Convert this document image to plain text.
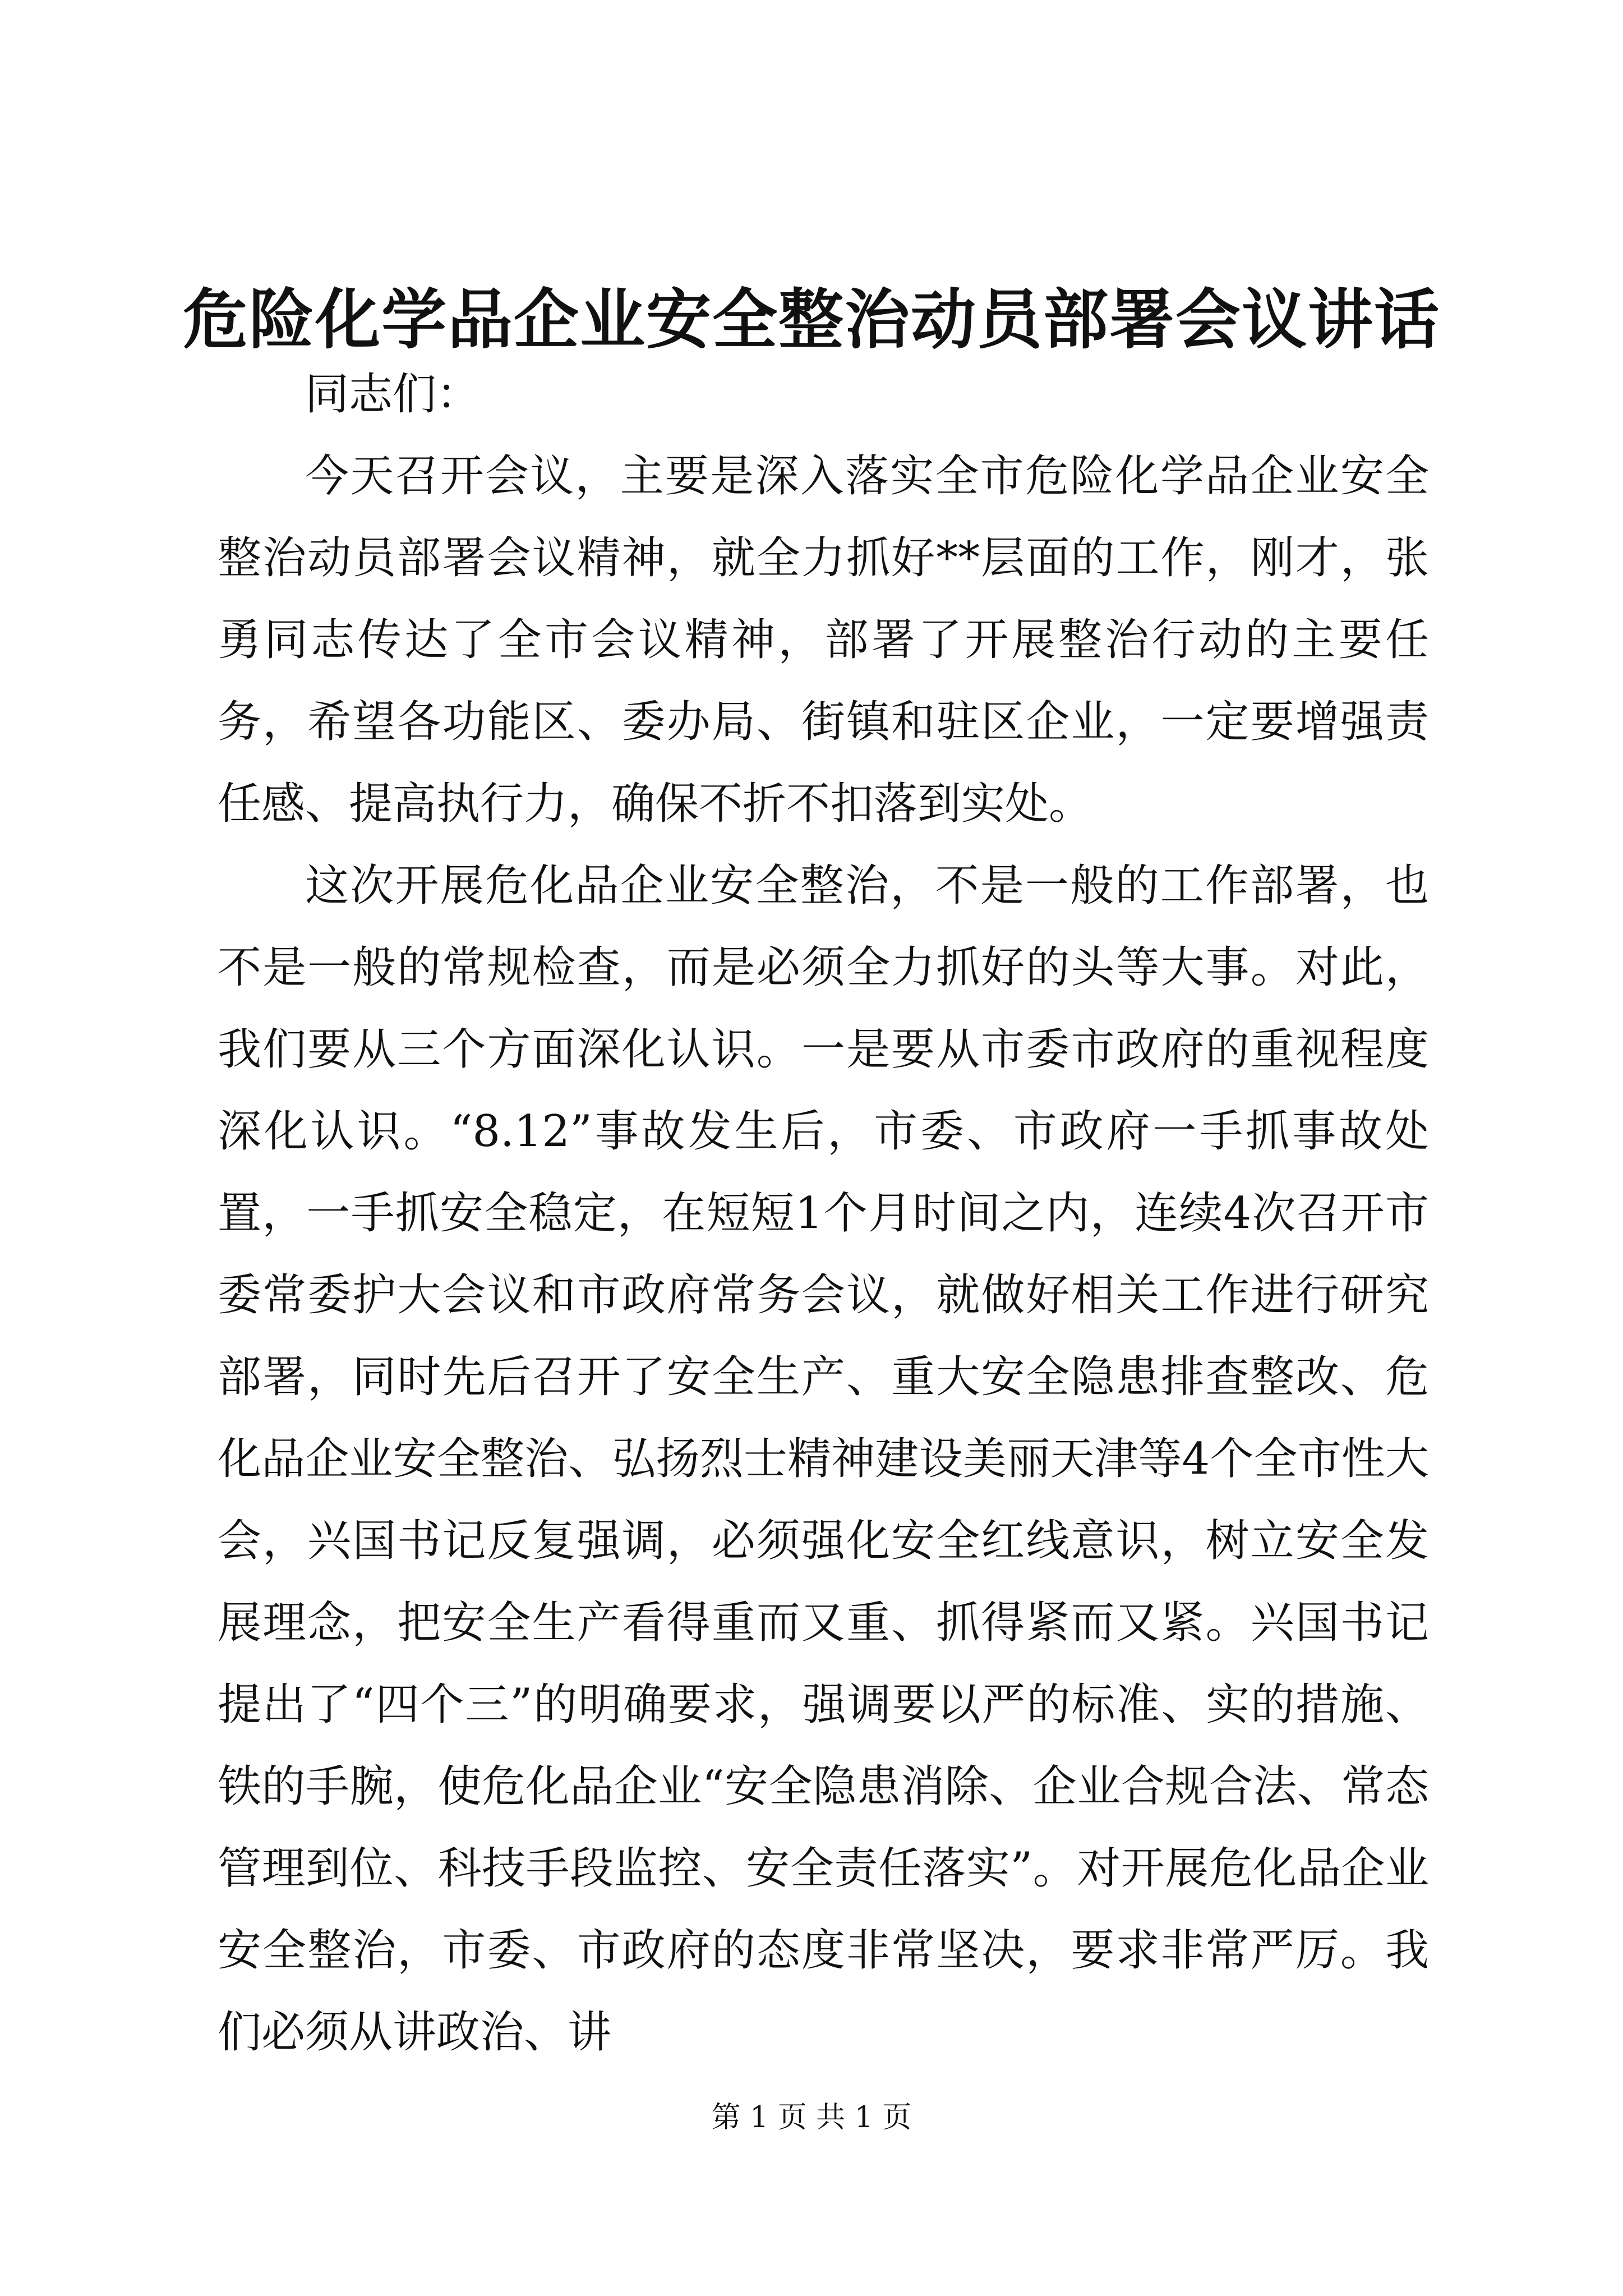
危险化学品企业安全整治动员部署会议讲话

同志们：

今天召开会议，主要是深入落实全市危险化学品企业安全整治动员部署会议精神，就全力抓好**层面的工作，刚才，张勇同志传达了全市会议精神，部署了开展整治行动的主要任务，希望各功能区、委办局、街镇和驻区企业，一定要增强责任感、提高执行力，确保不折不扣落到实处。

这次开展危化品企业安全整治，不是一般的工作部署，也不是一般的常规检查，而是必须全力抓好的头等大事。对此，我们要从三个方面深化认识。一是要从市委市政府的重视程度深化认识。“8.12”事故发生后，市委、市政府一手抓事故处置，一手抓安全稳定，在短短1个月时间之内，连续4次召开市委常委护大会议和市政府常务会议，就做好相关工作进行研究部署，同时先后召开了安全生产、重大安全隐患排查整改、危化品企业安全整治、弘扬烈士精神建设美丽天津等4个全市性大会，兴国书记反复强调，必须强化安全红线意识，树立安全发展理念，把安全生产看得重而又重、抓得紧而又紧。兴国书记提出了“四个三”的明确要求，强调要以严的标准、实的措施、铁的手腕，使危化品企业“安全隐患消除、企业合规合法、常态管理到位、科技手段监控、安全责任落实”。对开展危化品企业安全整治，市委、市政府的态度非常坚决，要求非常严厉。我们必须从讲政治、讲

第 1 页 共 1 页
